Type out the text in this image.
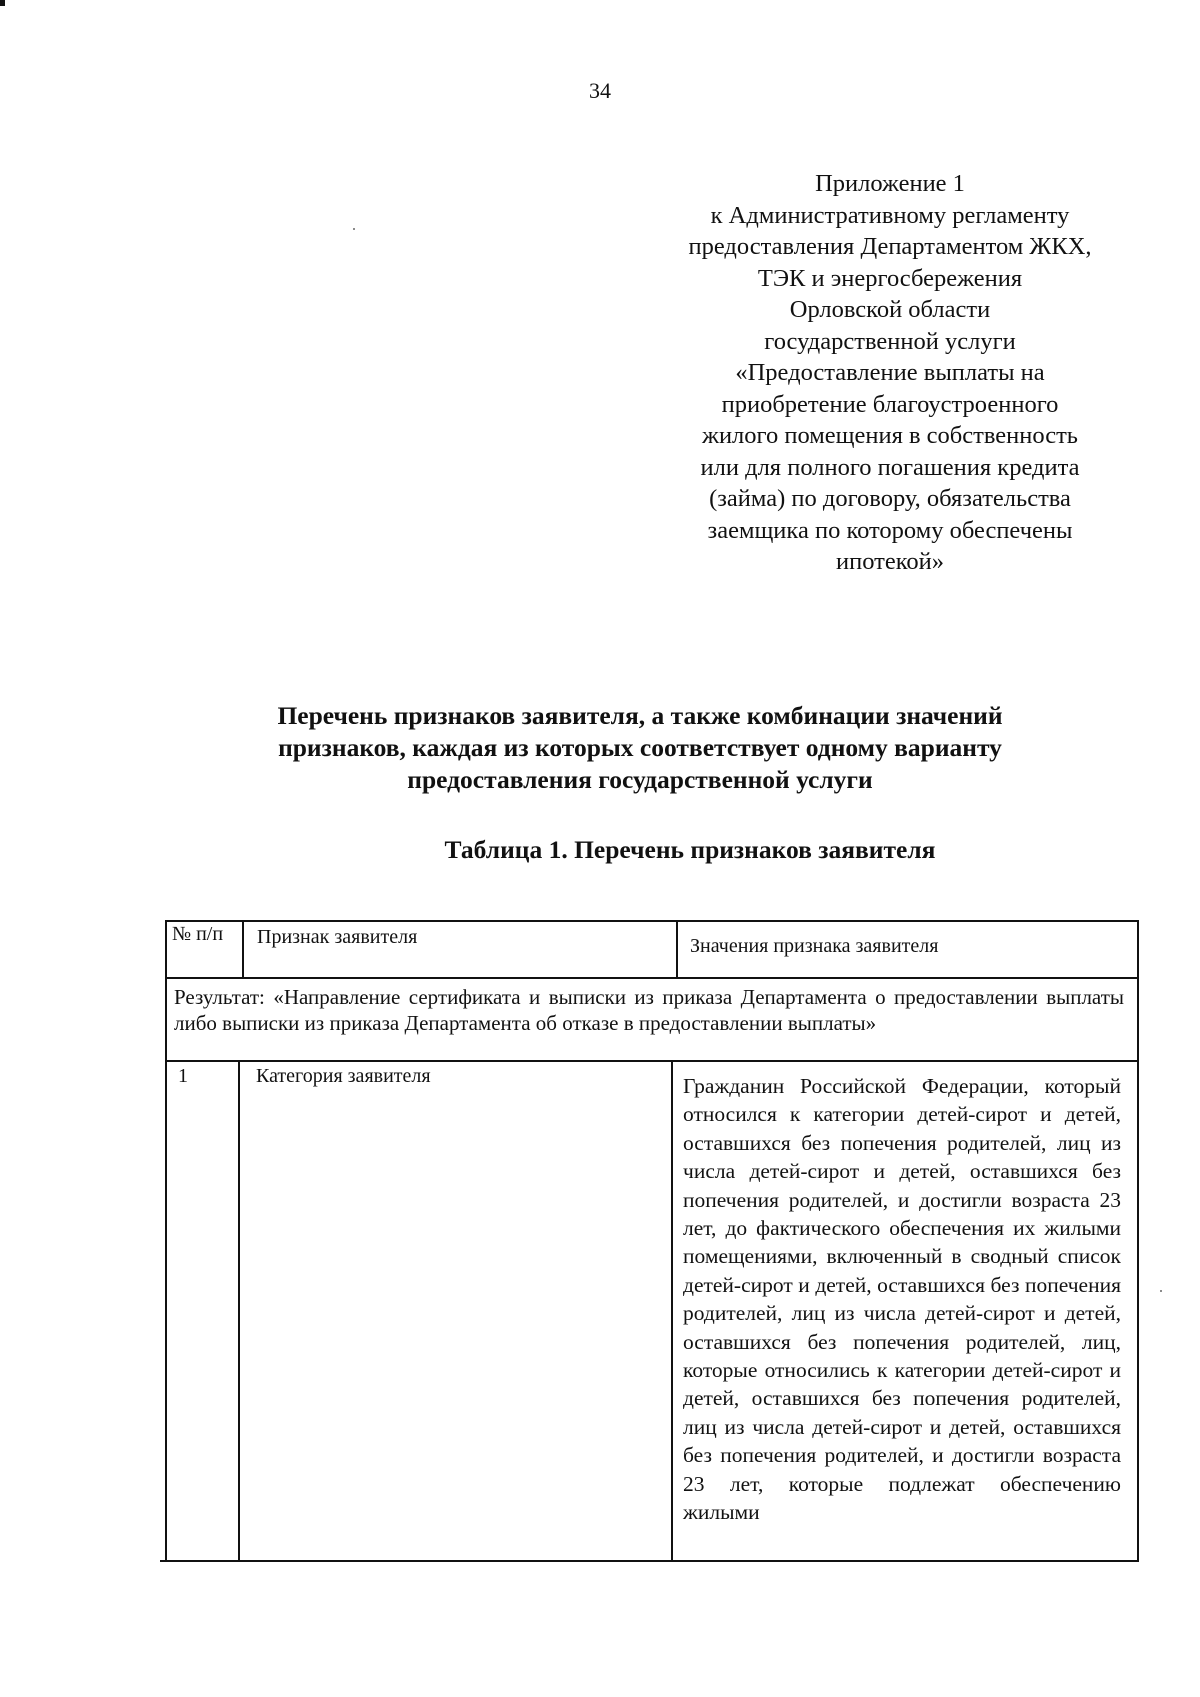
34
Приложение 1
к Административному регламенту
предоставления Департаментом ЖКХ,
ТЭК и энергосбережения
Орловской области
государственной услуги
«Предоставление выплаты на
приобретение благоустроенного
жилого помещения в собственность
или для полного погашения кредита
(займа) по договору, обязательства
заемщика по которому обеспечены
ипотекой»
Перечень признаков заявителя, а также комбинации значений
признаков, каждая из которых соответствует одному варианту
предоставления государственной услуги
Таблица 1. Перечень признаков заявителя
№ п/п	Признак заявителя	Значения признака заявителя
Результат: «Направление сертификата и выписки из приказа Департамента о предоставлении выплаты либо выписки из приказа Департамента об отказе в предоставлении выплаты»
1	Категория заявителя	Гражданин Российской Федерации, который относился к категории детей-сирот и детей, оставшихся без попечения родителей, лиц из числа детей-сирот и детей, оставшихся без попечения родителей, и достигли возраста 23 лет, до фактического обеспечения их жилыми помещениями, включенный в сводный список детей-сирот и детей, оставшихся без попечения родителей, лиц из числа детей-сирот и детей, оставшихся без попечения родителей, лиц, которые относились к категории детей-сирот и детей, оставшихся без попечения родителей, лиц из числа детей-сирот и детей, оставшихся без попечения родителей, и достигли возраста 23 лет, которые подлежат обеспечению жилыми
